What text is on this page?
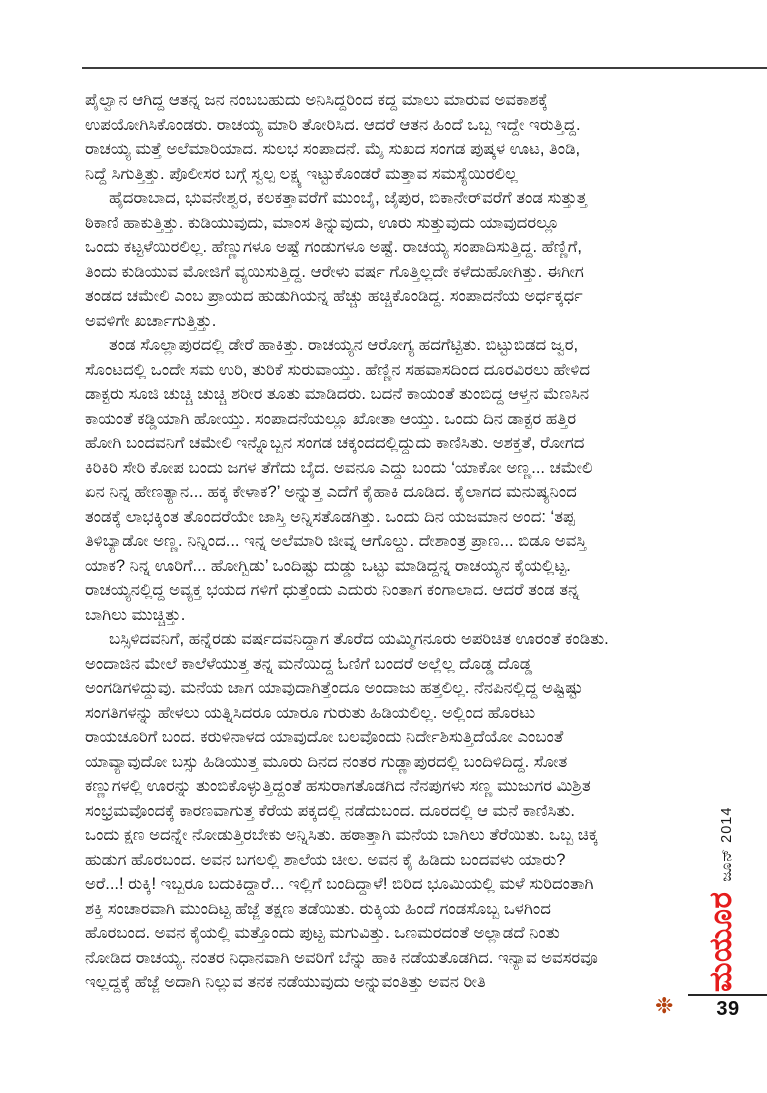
ಪೈಲ್ವಾನ ಆಗಿದ್ದ ಆತನ್ನ ಜನ ನಂಬಬಹುದು ಅನಿಸಿದ್ದರಿಂದ ಕದ್ದ ಮಾಲು ಮಾರುವ ಅವಕಾಶಕ್ಕೆ
ಉಪಯೋಗಿಸಿಕೊಂಡರು. ರಾಚಯ್ಯ ಮಾರಿ ತೋರಿಸಿದ. ಆದರೆ ಆತನ ಹಿಂದೆ ಒಬ್ಬ ಇದ್ದೇ ಇರುತ್ತಿದ್ದ.
ರಾಚಯ್ಯ ಮತ್ತೆ ಅಲೆಮಾರಿಯಾದ. ಸುಲಭ ಸಂಪಾದನೆ. ಮೈ ಸುಖದ ಸಂಗಡ ಪುಷ್ಕಳ ಊಟ, ತಿಂಡಿ,
ನಿದ್ದೆ ಸಿಗುತ್ತಿತ್ತು. ಪೊಲೀಸರ ಬಗ್ಗೆ ಸ್ವಲ್ಪ ಲಕ್ಷ್ಯ ಇಟ್ಟುಕೊಂಡರೆ ಮತ್ತಾವ ಸಮಸ್ಯೆಯಿರಲಿಲ್ಲ
ಹೈದರಾಬಾದ, ಭುವನೇಶ್ವರ, ಕಲಕತ್ತಾವರೆಗೆ ಮುಂಬೈ, ಜೈಪುರ, ಬಿಕಾನೇರ್‌ವರೆಗೆ ತಂಡ ಸುತ್ತುತ್ತ
ಠಿಕಾಣಿ ಹಾಕುತ್ತಿತ್ತು. ಕುಡಿಯುವುದು, ಮಾಂಸ ತಿನ್ನುವುದು, ಊರು ಸುತ್ತುವುದು ಯಾವುದರಲ್ಲೂ
ಒಂದು ಕಟ್ಟಳೆಯಿರಲಿಲ್ಲ. ಹೆಣ್ಣುಗಳೂ ಅಷ್ಟೆ ಗಂಡುಗಳೂ ಅಷ್ಟೆ. ರಾಚಯ್ಯ ಸಂಪಾದಿಸುತ್ತಿದ್ದ. ಹೆಣ್ಣಿಗೆ,
ತಿಂದು ಕುಡಿಯುವ ಮೋಜಿಗೆ ವ್ಯಯಿಸುತ್ತಿದ್ದ. ಆರೇಳು ವರ್ಷ ಗೊತ್ತಿಲ್ಲದೇ ಕಳೆದುಹೋಗಿತ್ತು. ಈಗೀಗ
ತಂಡದ ಚಮೇಲಿ ಎಂಬ ಪ್ರಾಯದ ಹುಡುಗಿಯನ್ನ ಹೆಚ್ಚು ಹಚ್ಚಿಕೊಂಡಿದ್ದ. ಸಂಪಾದನೆಯ ಅರ್ಧಕ್ಕರ್ಧ
ಅವಳಿಗೇ ಖರ್ಚಾಗುತ್ತಿತ್ತು.
ತಂಡ ಸೊಲ್ಲಾಪುರದಲ್ಲಿ ಡೇರೆ ಹಾಕಿತ್ತು. ರಾಚಯ್ಯನ ಆರೋಗ್ಯ ಹದಗೆಟ್ಟಿತು. ಬಿಟ್ಟುಬಿಡದ ಜ್ವರ,
ಸೊಂಟದಲ್ಲಿ ಒಂದೇ ಸಮ ಉರಿ, ತುರಿಕೆ ಸುರುವಾಯ್ತು. ಹೆಣ್ಣಿನ ಸಹವಾಸದಿಂದ ದೂರವಿರಲು ಹೇಳಿದ
ಡಾಕ್ಟರು ಸೂಜಿ ಚುಚ್ಚಿ ಚುಚ್ಚಿ ಶರೀರ ತೂತು ಮಾಡಿದರು. ಬದನೆ ಕಾಯಂತೆ ತುಂಬಿದ್ದ ಆಳ್ತನ ಮೆಣಸಿನ
ಕಾಯಂತೆ ಕಡ್ಡಿಯಾಗಿ ಹೋಯ್ತು. ಸಂಪಾದನೆಯಲ್ಲೂ ಖೋತಾ ಆಯ್ತು. ಒಂದು ದಿನ ಡಾಕ್ಟರ ಹತ್ತಿರ
ಹೋಗಿ ಬಂದವನಿಗೆ ಚಮೇಲಿ ಇನ್ನೊಬ್ಬನ ಸಂಗಡ ಚಕ್ಕಂದದಲ್ಲಿದ್ದುದು ಕಾಣಿಸಿತು. ಅಶಕ್ತತೆ, ರೋಗದ
ಕಿರಿಕಿರಿ ಸೇರಿ ಕೋಪ ಬಂದು ಜಗಳ ತೆಗೆದು ಬೈದ. ಅವನೂ ಎದ್ದು ಬಂದು ‘ಯಾಕೋ ಅಣ್ಣ... ಚಮೇಲಿ
ಏನ ನಿನ್ನ ಹೇಣತ್ಯಾನ... ಹಕ್ಕ ಕೇಳಾಕ?’ ಅನ್ನುತ್ತ ಎದೆಗೆ ಕೈಹಾಕಿ ದೂಡಿದ. ಕೈಲಾಗದ ಮನುಷ್ಯನಿಂದ
ತಂಡಕ್ಕೆ ಲಾಭಕ್ಕಿಂತ ತೊಂದರೆಯೇ ಜಾಸ್ತಿ ಅನ್ನಿಸತೊಡಗಿತ್ತು. ಒಂದು ದಿನ ಯಜಮಾನ ಅಂದ: ‘ತಪ್ಪ
ತಿಳಿಬ್ಯಾಡೋ ಅಣ್ಣ. ನಿನ್ನಿಂದ... ಇನ್ನ ಅಲೆಮಾರಿ ಜೀವ್ನ ಆಗೊಲ್ದು. ದೇಶಾಂತ್ರ ಪ್ರಾಣ... ಬಿಡೂ ಅವಸ್ತಿ
ಯಾಕ? ನಿನ್ನ ಊರಿಗೆ... ಹೋಗ್ಬಿಡು’ ಒಂದಿಷ್ಟು ದುಡ್ಡು ಒಟ್ಟು ಮಾಡಿದ್ದನ್ನ ರಾಚಯ್ಯನ ಕೈಯಲ್ಲಿಟ್ಟ.
ರಾಚಯ್ಯನಲ್ಲಿದ್ದ ಅವ್ಯಕ್ತ ಭಯದ ಗಳಿಗೆ ಧುತ್ತೆಂದು ಎದುರು ನಿಂತಾಗ ಕಂಗಾಲಾದ. ಆದರೆ ತಂಡ ತನ್ನ
ಬಾಗಿಲು ಮುಚ್ಚಿತ್ತು.
ಬಸ್ಸಿಳಿದವನಿಗೆ, ಹನ್ನೆರಡು ವರ್ಷದವನಿದ್ದಾಗ ತೊರೆದ ಯಮ್ಮಿಗನೂರು ಅಪರಿಚಿತ ಊರಂತೆ ಕಂಡಿತು.
ಅಂದಾಜಿನ ಮೇಲೆ ಕಾಲೆಳೆಯುತ್ತ ತನ್ನ ಮನೆಯಿದ್ದ ಓಣಿಗೆ ಬಂದರೆ ಅಲ್ಲೆಲ್ಲ ದೊಡ್ಡ ದೊಡ್ಡ
ಅಂಗಡಿಗಳಿದ್ದುವು. ಮನೆಯ ಜಾಗ ಯಾವುದಾಗಿತ್ತೆಂದೂ ಅಂದಾಜು ಹತ್ತಲಿಲ್ಲ. ನೆನಪಿನಲ್ಲಿದ್ದ ಅಷ್ಟಿಷ್ಟು
ಸಂಗತಿಗಳನ್ನು ಹೇಳಲು ಯತ್ನಿಸಿದರೂ ಯಾರೂ ಗುರುತು ಹಿಡಿಯಲಿಲ್ಲ. ಅಲ್ಲಿಂದ ಹೊರಟು
ರಾಯಚೂರಿಗೆ ಬಂದ. ಕರುಳಿನಾಳದ ಯಾವುದೋ ಬಲವೊಂದು ನಿರ್ದೇಶಿಸುತ್ತಿದೆಯೋ ಎಂಬಂತೆ
ಯಾವ್ಯಾವುದೋ ಬಸ್ಸು ಹಿಡಿಯುತ್ತ ಮೂರು ದಿನದ ನಂತರ ಗುಡ್ಣಾಪುರದಲ್ಲಿ ಬಂದಿಳಿದಿದ್ದ. ಸೋತ
ಕಣ್ಣುಗಳಲ್ಲಿ ಊರನ್ನು ತುಂಬಿಕೊಳ್ಳುತ್ತಿದ್ದಂತೆ ಹಸುರಾಗತೊಡಗಿದ ನೆನಪುಗಳು ಸಣ್ಣ ಮುಜುಗರ ಮಿಶ್ರಿತ
ಸಂಭ್ರಮವೊಂದಕ್ಕೆ ಕಾರಣವಾಗುತ್ತ ಕೆರೆಯ ಪಕ್ಕದಲ್ಲಿ ನಡೆದುಬಂದ. ದೂರದಲ್ಲಿ ಆ ಮನೆ ಕಾಣಿಸಿತು.
ಒಂದು ಕ್ಷಣ ಅದನ್ನೇ ನೋಡುತ್ತಿರಬೇಕು ಅನ್ನಿಸಿತು. ಹಠಾತ್ತಾಗಿ ಮನೆಯ ಬಾಗಿಲು ತೆರೆಯಿತು. ಒಬ್ಬ ಚಿಕ್ಕ
ಹುಡುಗ ಹೊರಬಂದ. ಅವನ ಬಗಲಲ್ಲಿ ಶಾಲೆಯ ಚೀಲ. ಅವನ ಕೈ ಹಿಡಿದು ಬಂದವಳು ಯಾರು?
ಅರೆ...! ರುಕ್ಕಿ! ಇಬ್ಬರೂ ಬದುಕಿದ್ದಾರೆ... ಇಲ್ಲಿಗೆ ಬಂದಿದ್ದಾಳೆ! ಬಿರಿದ ಭೂಮಿಯಲ್ಲಿ ಮಳೆ ಸುರಿದಂತಾಗಿ
ಶಕ್ತಿ ಸಂಚಾರವಾಗಿ ಮುಂದಿಟ್ಟ ಹೆಜ್ಜೆ ತಕ್ಷಣ ತಡೆಯಿತು. ರುಕ್ಕಿಯ ಹಿಂದೆ ಗಂಡಸೊಬ್ಬ ಒಳಗಿಂದ
ಹೊರಬಂದ. ಅವನ ಕೈಯಲ್ಲಿ ಮತ್ತೊಂದು ಪುಟ್ಟ ಮಗುವಿತ್ತು. ಒಣಮರದಂತೆ ಅಲ್ಲಾಡದೆ ನಿಂತು
ನೋಡಿದ ರಾಚಯ್ಯ. ನಂತರ ನಿಧಾನವಾಗಿ ಅವರಿಗೆ ಬೆನ್ನು ಹಾಕಿ ನಡೆಯತೊಡಗಿದ. ಇನ್ಯಾವ ಅವಸರವೂ
ಇಲ್ಲದ್ದಕ್ಕೆ ಹೆಜ್ಜೆ ಅದಾಗಿ ನಿಲ್ಲುವ ತನಕ ನಡೆಯುವುದು ಅನ್ನುವಂತಿತ್ತು ಅವನ ರೀತಿ	ಮಯೂರ
ಜೂನ್ 2014
❉	39
